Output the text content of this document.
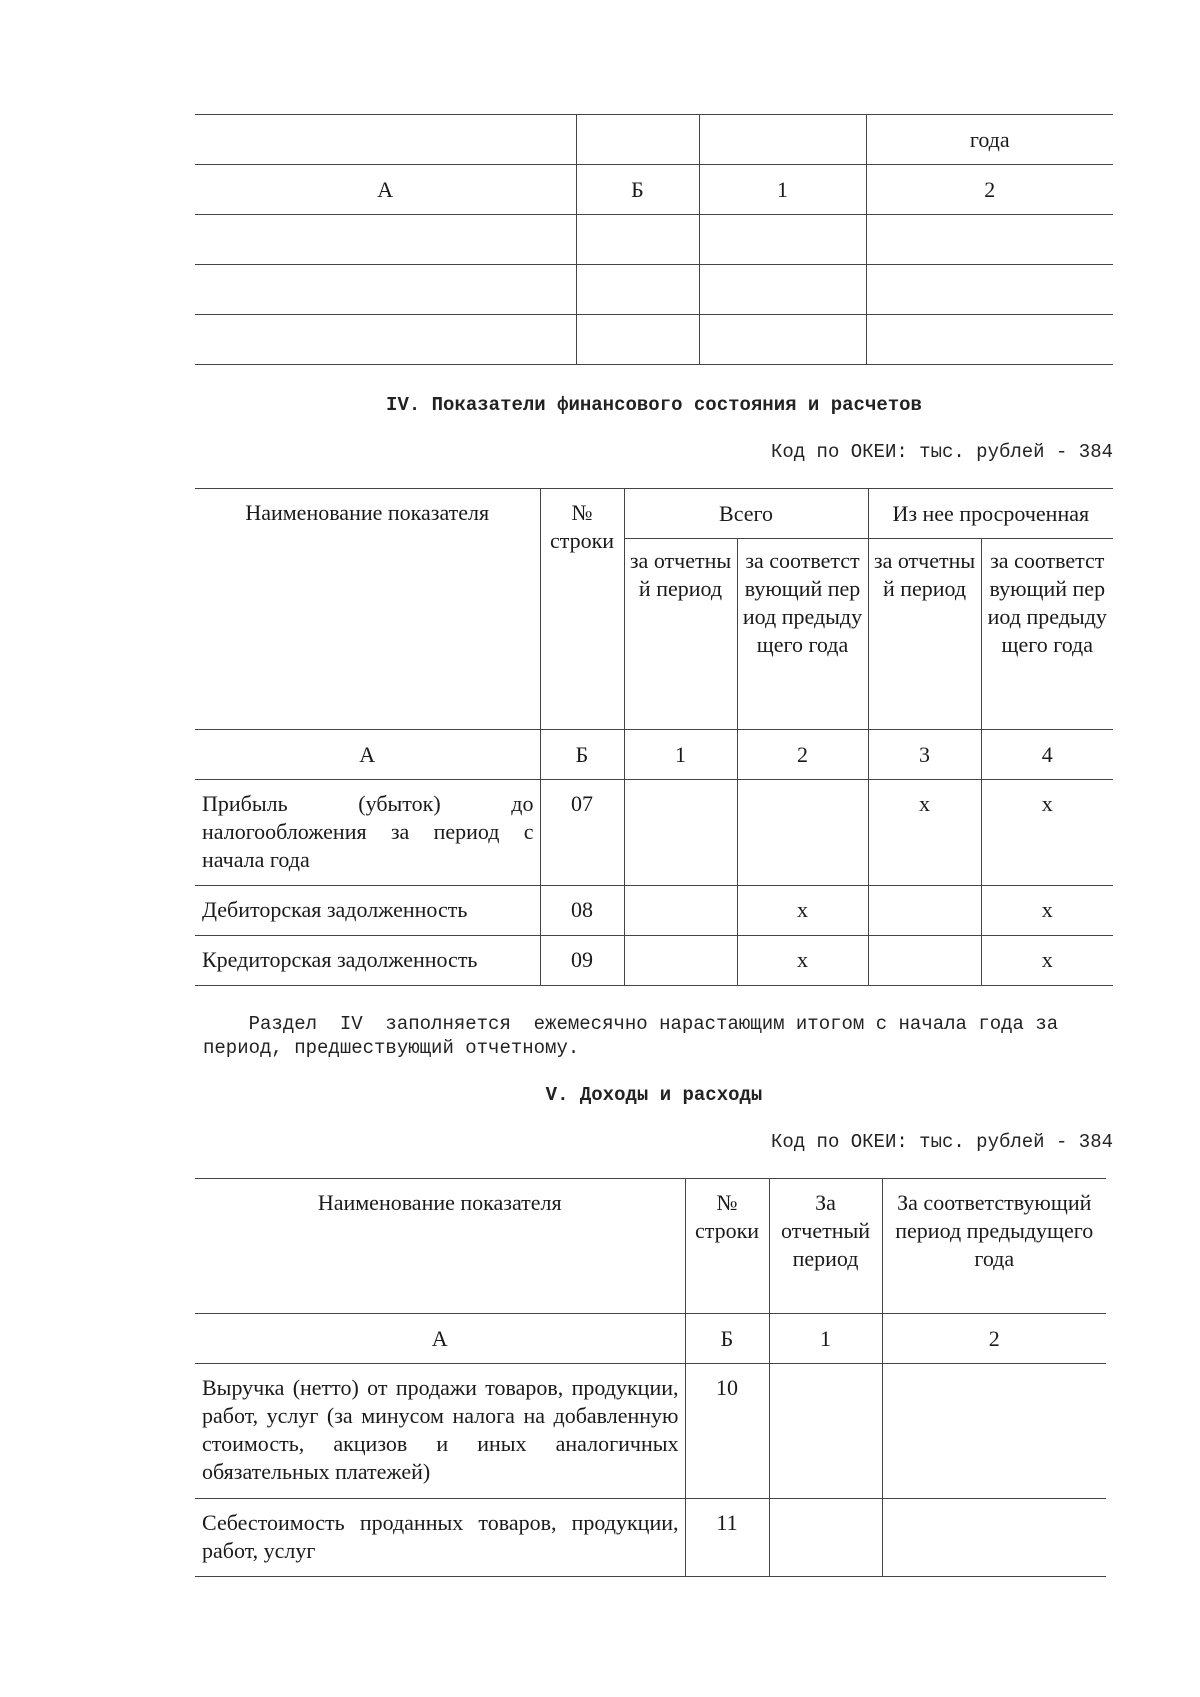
			года
А	Б	1	2

IV. Показатели финансового состояния и расчетов
Код по ОКЕИ: тыс. рублей - 384
Наименование показателя	№ строки	Всего		Из нее просроченная	
		за отчетный период	за соответствующий период предыдущего года	за отчетный период	за соответствующий период предыдущего года
А	Б	1	2	3	4
Прибыль (убыток) до налогообложения за период с начала года	07			x	x
Дебиторская задолженность	08		x		x
Кредиторская задолженность	09		x		x
Раздел  IV  заполняется  ежемесячно нарастающим итогом с начала года за
период, предшествующий отчетному.
V. Доходы и расходы
Код по ОКЕИ: тыс. рублей - 384
Наименование показателя	№ строки	За отчетный период	За соответствующий период предыдущего года
А	Б	1	2
Выручка (нетто) от продажи товаров, продукции, работ, услуг (за минусом налога на добавленную стоимость, акцизов и иных аналогичных обязательных платежей)	10		
Себестоимость проданных товаров, продукции, работ, услуг	11		
